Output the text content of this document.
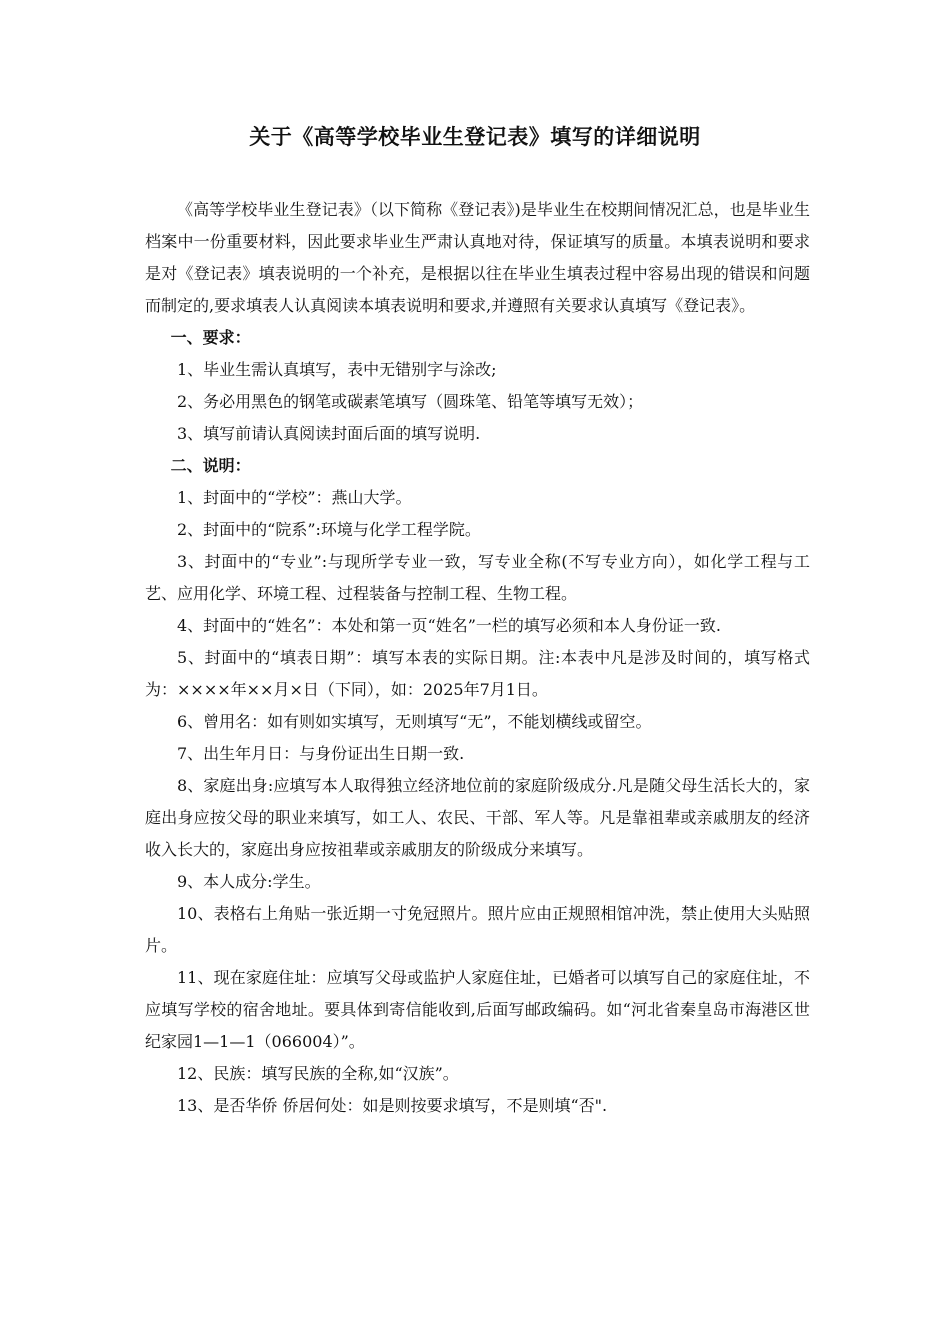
关于《高等学校毕业生登记表》填写的详细说明

《高等学校毕业生登记表》（以下简称《登记表》)是毕业生在校期间情况汇总，也是毕业生档案中一份重要材料，因此要求毕业生严肃认真地对待，保证填写的质量。本填表说明和要求是对《登记表》填表说明的一个补充，是根据以往在毕业生填表过程中容易出现的错误和问题而制定的,要求填表人认真阅读本填表说明和要求,并遵照有关要求认真填写《登记表》。

一、要求：

1、毕业生需认真填写，表中无错别字与涂改;

2、务必用黑色的钢笔或碳素笔填写（圆珠笔、铅笔等填写无效）；

3、填写前请认真阅读封面后面的填写说明.

二、说明：

1、封面中的“学校”：燕山大学。

2、封面中的“院系”:环境与化学工程学院。

3、封面中的“专业”:与现所学专业一致，写专业全称(不写专业方向），如化学工程与工艺、应用化学、环境工程、过程装备与控制工程、生物工程。

4、封面中的“姓名”：本处和第一页“姓名”一栏的填写必须和本人身份证一致.

5、封面中的“填表日期”：填写本表的实际日期。注:本表中凡是涉及时间的，填写格式为：××××年××月×日（下同），如：2025年7月1日。

6、曾用名：如有则如实填写，无则填写“无”，不能划横线或留空。

7、出生年月日：与身份证出生日期一致.

8、家庭出身:应填写本人取得独立经济地位前的家庭阶级成分.凡是随父母生活长大的，家庭出身应按父母的职业来填写，如工人、农民、干部、军人等。凡是靠祖辈或亲戚朋友的经济收入长大的，家庭出身应按祖辈或亲戚朋友的阶级成分来填写。

9、本人成分:学生。

10、表格右上角贴一张近期一寸免冠照片。照片应由正规照相馆冲洗，禁止使用大头贴照片。

11、现在家庭住址：应填写父母或监护人家庭住址，已婚者可以填写自己的家庭住址，不应填写学校的宿舍地址。要具体到寄信能收到,后面写邮政编码。如“河北省秦皇岛市海港区世纪家园1—1—1（066004）”。

12、民族：填写民族的全称,如“汉族”。

13、是否华侨 侨居何处：如是则按要求填写，不是则填“否".
